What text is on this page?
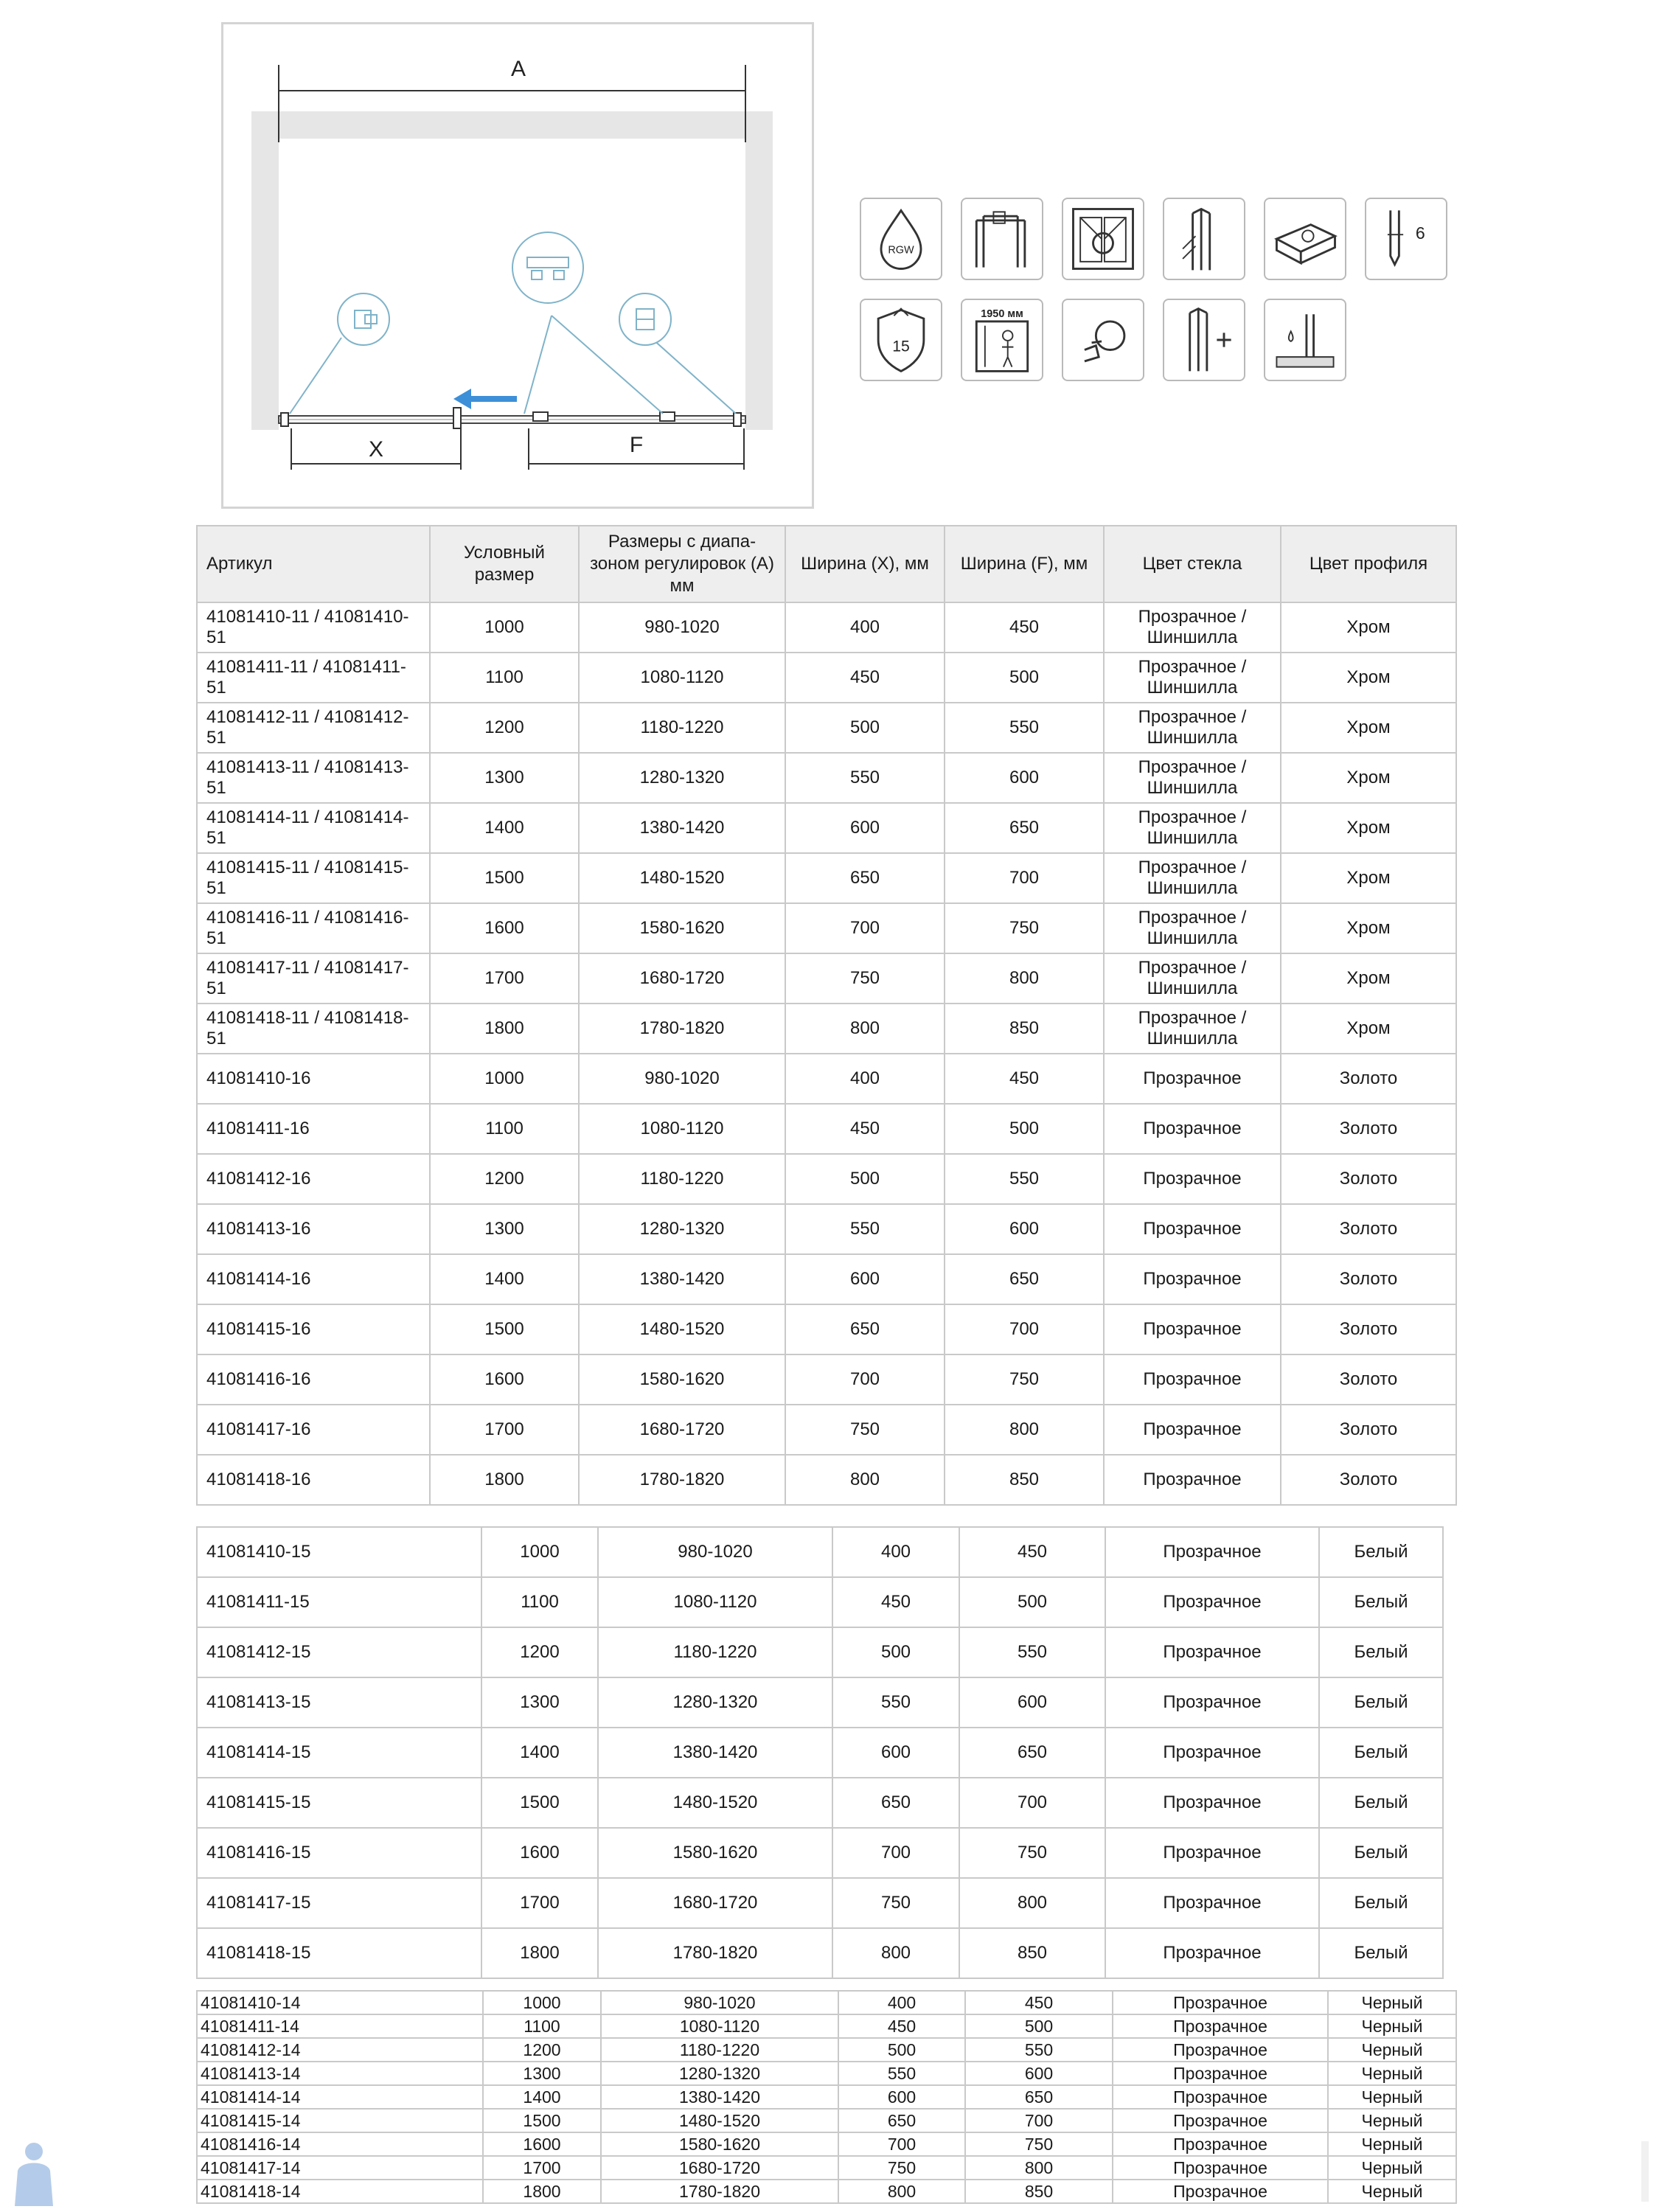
A
X	F
RGW
6
15
1950 мм
Артикул	Условный размер	Размеры с диапа-зоном регулировок (А) мм	Ширина (X), мм	Ширина (F), мм	Цвет стекла	Цвет профиля
41081410-11 / 41081410-51	1000	980-1020	400	450	Прозрачное / Шиншилла	Хром
41081411-11 / 41081411-51	1100	1080-1120	450	500	Прозрачное / Шиншилла	Хром
41081412-11 / 41081412-51	1200	1180-1220	500	550	Прозрачное / Шиншилла	Хром
41081413-11 / 41081413-51	1300	1280-1320	550	600	Прозрачное / Шиншилла	Хром
41081414-11 / 41081414-51	1400	1380-1420	600	650	Прозрачное / Шиншилла	Хром
41081415-11 / 41081415-51	1500	1480-1520	650	700	Прозрачное / Шиншилла	Хром
41081416-11 / 41081416-51	1600	1580-1620	700	750	Прозрачное / Шиншилла	Хром
41081417-11 / 41081417-51	1700	1680-1720	750	800	Прозрачное / Шиншилла	Хром
41081418-11 / 41081418-51	1800	1780-1820	800	850	Прозрачное / Шиншилла	Хром
41081410-16	1000	980-1020	400	450	Прозрачное	Золото
41081411-16	1100	1080-1120	450	500	Прозрачное	Золото
41081412-16	1200	1180-1220	500	550	Прозрачное	Золото
41081413-16	1300	1280-1320	550	600	Прозрачное	Золото
41081414-16	1400	1380-1420	600	650	Прозрачное	Золото
41081415-16	1500	1480-1520	650	700	Прозрачное	Золото
41081416-16	1600	1580-1620	700	750	Прозрачное	Золото
41081417-16	1700	1680-1720	750	800	Прозрачное	Золото
41081418-16	1800	1780-1820	800	850	Прозрачное	Золото
41081410-15	1000	980-1020	400	450	Прозрачное	Белый
41081411-15	1100	1080-1120	450	500	Прозрачное	Белый
41081412-15	1200	1180-1220	500	550	Прозрачное	Белый
41081413-15	1300	1280-1320	550	600	Прозрачное	Белый
41081414-15	1400	1380-1420	600	650	Прозрачное	Белый
41081415-15	1500	1480-1520	650	700	Прозрачное	Белый
41081416-15	1600	1580-1620	700	750	Прозрачное	Белый
41081417-15	1700	1680-1720	750	800	Прозрачное	Белый
41081418-15	1800	1780-1820	800	850	Прозрачное	Белый
41081410-14	1000	980-1020	400	450	Прозрачное	Черный
41081411-14	1100	1080-1120	450	500	Прозрачное	Черный
41081412-14	1200	1180-1220	500	550	Прозрачное	Черный
41081413-14	1300	1280-1320	550	600	Прозрачное	Черный
41081414-14	1400	1380-1420	600	650	Прозрачное	Черный
41081415-14	1500	1480-1520	650	700	Прозрачное	Черный
41081416-14	1600	1580-1620	700	750	Прозрачное	Черный
41081417-14	1700	1680-1720	750	800	Прозрачное	Черный
41081418-14	1800	1780-1820	800	850	Прозрачное	Черный
